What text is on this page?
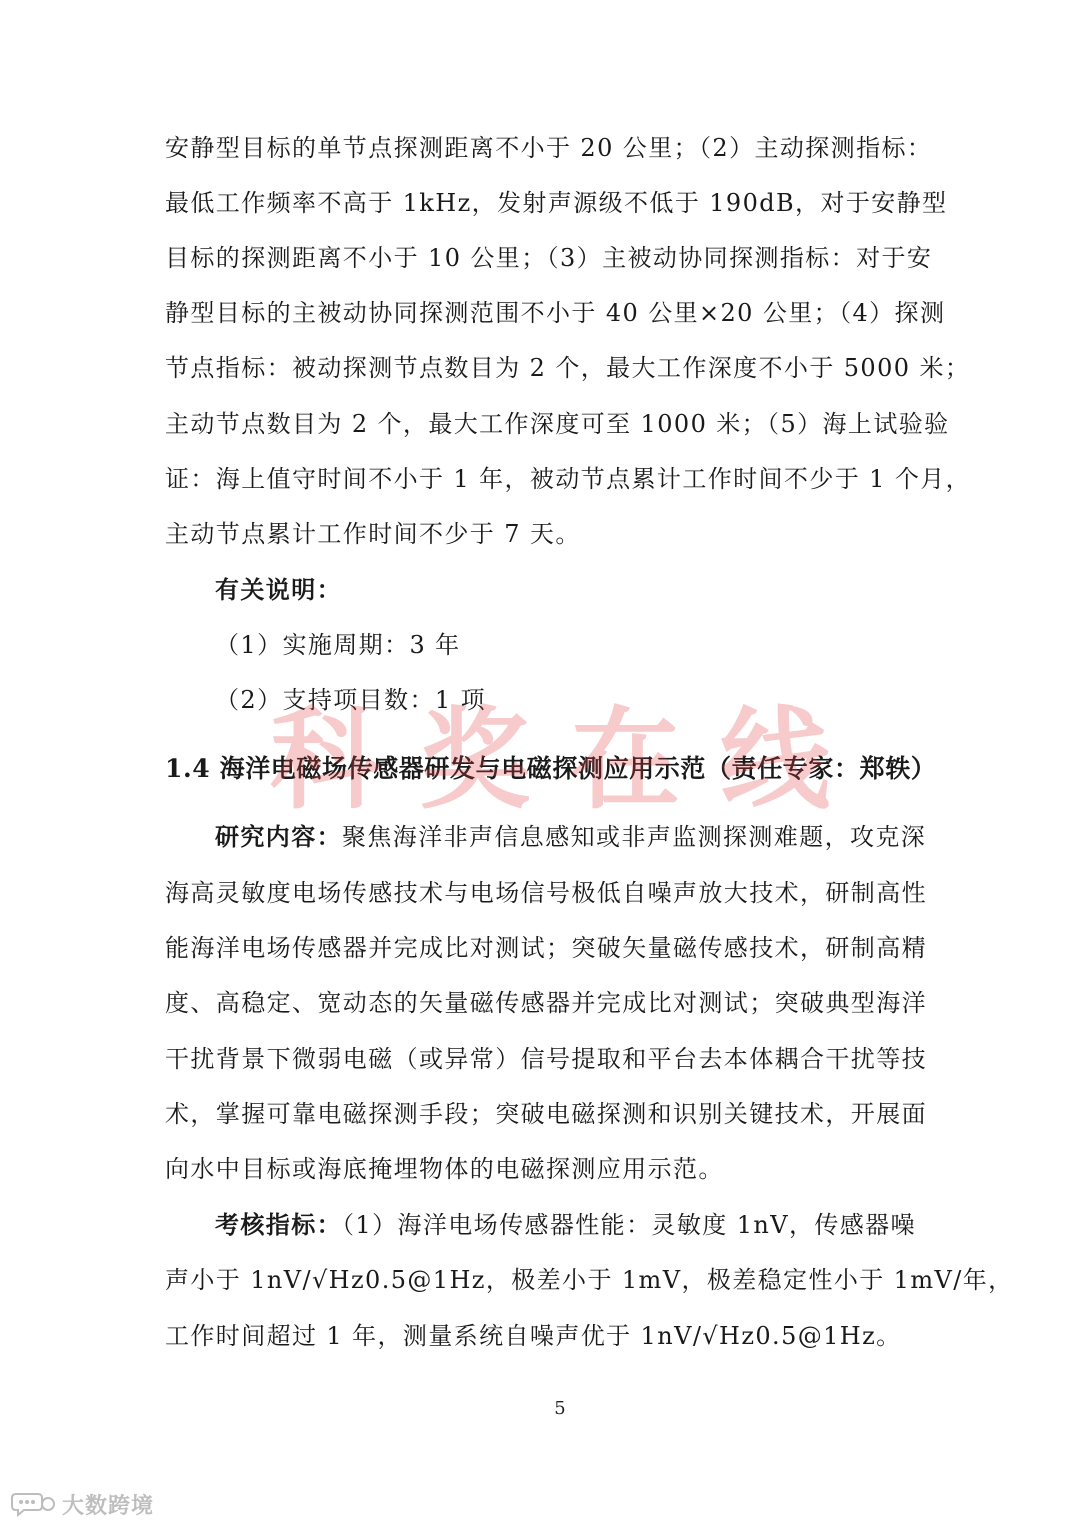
安静型目标的单节点探测距离不小于 20 公里；（2）主动探测指标：
最低工作频率不高于 1kHz，发射声源级不低于 190dB，对于安静型
目标的探测距离不小于 10 公里；（3）主被动协同探测指标：对于安
静型目标的主被动协同探测范围不小于 40 公里×20 公里；（4）探测
节点指标：被动探测节点数目为 2 个，最大工作深度不小于 5000 米；
主动节点数目为 2 个，最大工作深度可至 1000 米；（5）海上试验验
证：海上值守时间不小于 1 年，被动节点累计工作时间不少于 1 个月，
主动节点累计工作时间不少于 7 天。
有关说明：
（1）实施周期：3 年
（2）支持项目数：1 项
1.4 海洋电磁场传感器研发与电磁探测应用示范（责任专家：郑轶）
研究内容：聚焦海洋非声信息感知或非声监测探测难题，攻克深
海高灵敏度电场传感技术与电场信号极低自噪声放大技术，研制高性
能海洋电场传感器并完成比对测试；突破矢量磁传感技术，研制高精
度、高稳定、宽动态的矢量磁传感器并完成比对测试；突破典型海洋
干扰背景下微弱电磁（或异常）信号提取和平台去本体耦合干扰等技
术，掌握可靠电磁探测手段；突破电磁探测和识别关键技术，开展面
向水中目标或海底掩埋物体的电磁探测应用示范。
考核指标：（1）海洋电场传感器性能：灵敏度 1nV，传感器噪
声小于 1nV/√Hz0.5@1Hz，极差小于 1mV，极差稳定性小于 1mV/年，
工作时间超过 1 年，测量系统自噪声优于 1nV/√Hz0.5@1Hz。
科 奖 在 线
5
大数跨境
